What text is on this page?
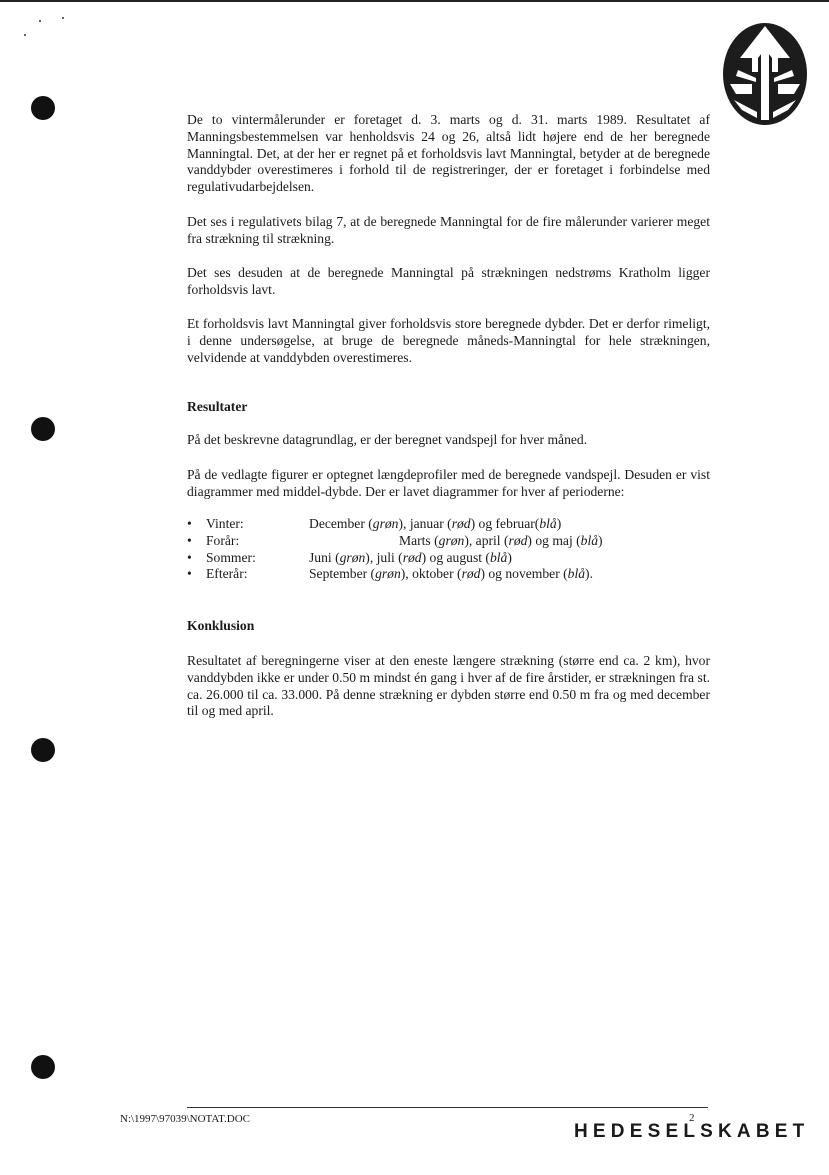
De to vintermålerunder er foretaget d. 3. marts og d. 31. marts 1989. Resultatet af Manningsbestemmelsen var henholdsvis 24 og 26, altså lidt højere end de her beregnede Manningtal. Det, at der her er regnet på et forholdsvis lavt Manningtal, betyder at de beregnede vanddybder overestimeres i forhold til de registreringer, der er foretaget i forbindelse med regulativudarbejdelsen.

Det ses i regulativets bilag 7, at de beregnede Manningtal for de fire målerunder varierer meget fra strækning til strækning.

Det ses desuden at de beregnede Manningtal på strækningen nedstrøms Kratholm ligger forholdsvis lavt.

Et forholdsvis lavt Manningtal giver forholdsvis store beregnede dybder. Det er derfor rimeligt, i denne undersøgelse, at bruge de beregnede måneds-Manningtal for hele strækningen, velvidende at vanddybden overestimeres.

Resultater

På det beskrevne datagrundlag, er der beregnet vandspejl for hver måned.

På de vedlagte figurer er optegnet længdeprofiler med de beregnede vandspejl. Desuden er vist diagrammer med middel-dybde. Der er lavet diagrammer for hver af perioderne:

• Vinter:	December (grøn), januar (rød) og februar(blå)
• Forår:	Marts (grøn), april (rød) og maj (blå)
• Sommer:	Juni (grøn), juli (rød) og august (blå)
• Efterår:	September (grøn), oktober (rød) og november (blå).
Konklusion

Resultatet af beregningerne viser at den eneste længere strækning (større end ca. 2 km), hvor vanddybden ikke er under 0.50 m mindst én gang i hver af de fire årstider, er strækningen fra st. ca. 26.000 til ca. 33.000. På denne strækning er dybden større end 0.50 m fra og med december til og med april.

N:\1997\97039\NOTAT.DOC	2
HEDESELSKABET
